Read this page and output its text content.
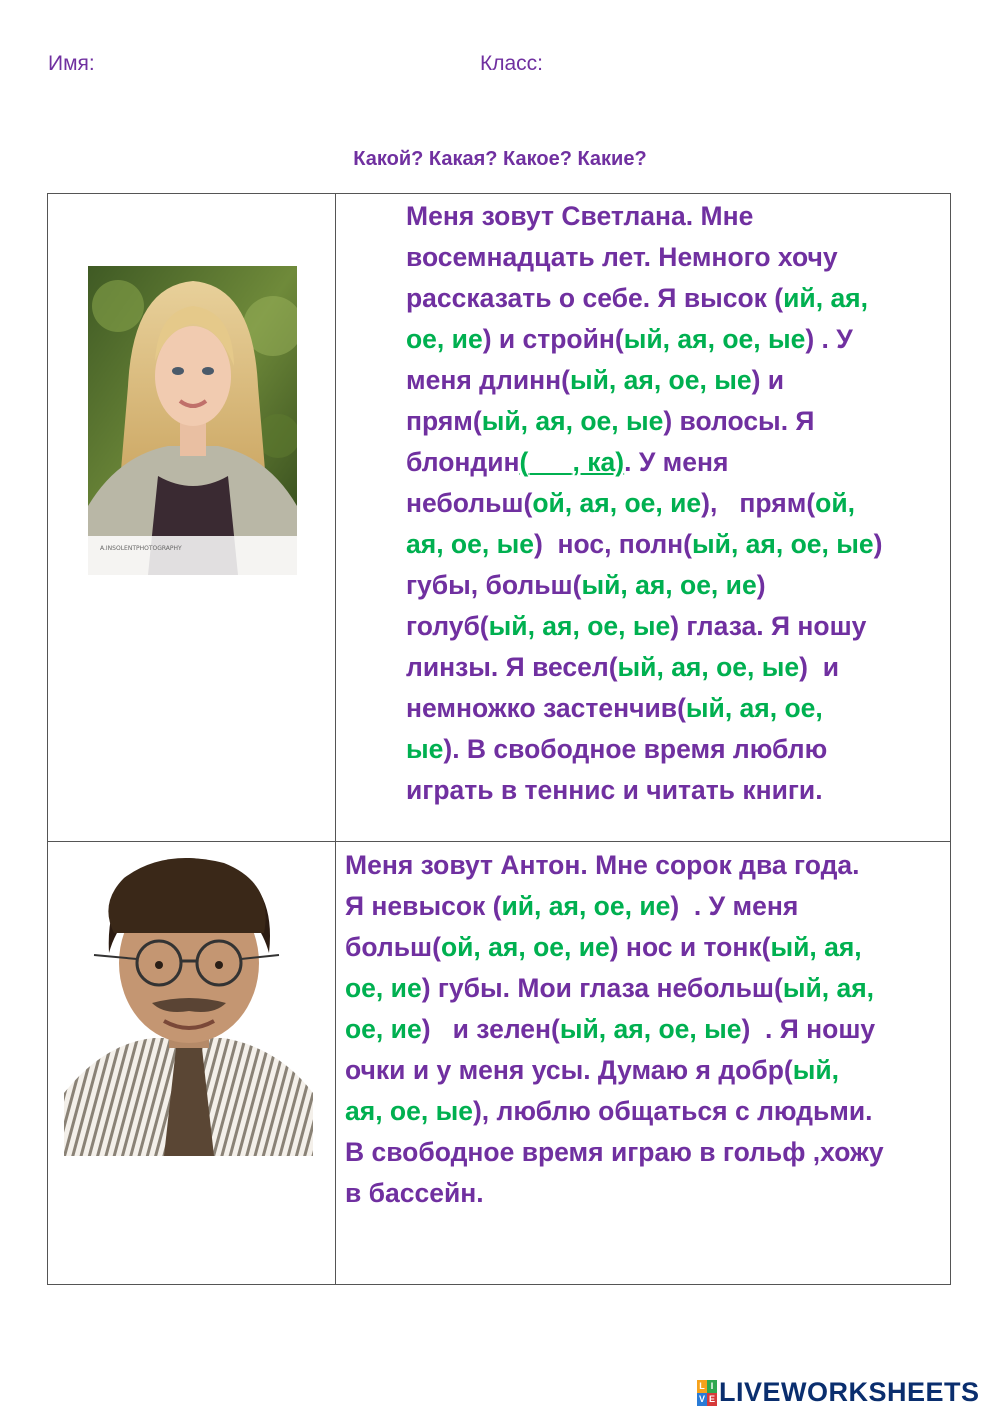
Имя:	Класс:
Какой? Какая? Какое? Какие?
A.INSOLENTPHOTOGRAPHY

Меня зовут Светлана. Мне
восемнадцать лет. Немного хочу
рассказать о себе. Я высок (ий, ая,
ое, ие) и стройн(ый, ая, ое, ые) . У
меня длинн(ый, ая, ое, ые) и
прям(ый, ая, ое, ые) волосы. Я
блондин(___, ка). У меня
небольш(ой, ая, ое, ие),   прям(ой,
ая, ое, ые)  нос, полн(ый, ая, ое, ые)
губы, больш(ый, ая, ое, ие)
голуб(ый, ая, ое, ые) глаза. Я ношу
линзы. Я весел(ый, ая, ое, ые)  и
немножко застенчив(ый, ая, ое,
ые). В свободное время люблю
играть в теннис и читать книги.

Меня зовут Антон. Мне сорок два года.
Я невысок (ий, ая, ое, ие)  . У меня
больш(ой, ая, ое, ие) нос и тонк(ый, ая,
ое, ие) губы. Мои глаза небольш(ый, ая,
ое, ие)   и зелен(ый, ая, ое, ые)  . Я ношу
очки и у меня усы. Думаю я добр(ый,
ая, ое, ые), люблю общаться с людьми.
В свободное время играю в гольф ,хожу
в бассейн.

L I
V E LIVEWORKSHEETS
